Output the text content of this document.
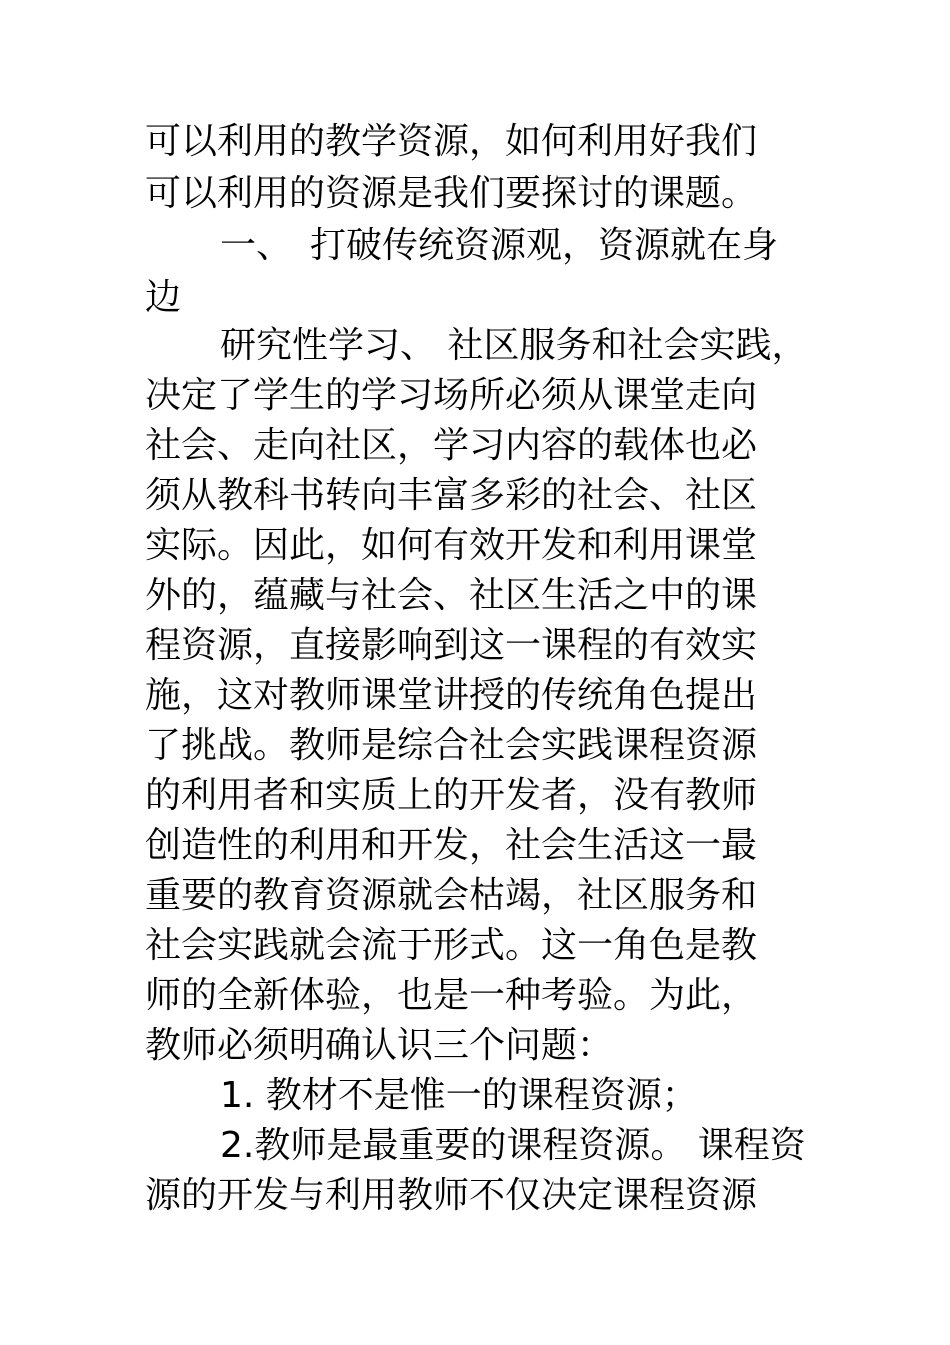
可以利用的教学资源，如何利用好我们
可以利用的资源是我们要探讨的课题。
一、　打破传统资源观，资源就在身
边
研究性学习、 社区服务和社会实践，
决定了学生的学习场所必须从课堂走向
社会、走向社区，学习内容的载体也必
须从教科书转向丰富多彩的社会、社区
实际。因此，如何有效开发和利用课堂
外的，蕴藏与社会、社区生活之中的课
程资源，直接影响到这一课程的有效实
施，这对教师课堂讲授的传统角色提出
了挑战。教师是综合社会实践课程资源
的利用者和实质上的开发者，没有教师
创造性的利用和开发，社会生活这一最
重要的教育资源就会枯竭，社区服务和
社会实践就会流于形式。这一角色是教
师的全新体验，也是一种考验。为此，
教师必须明确认识三个问题：
1. 教材不是惟一的课程资源；
2.教师是最重要的课程资源。 课程资
源的开发与利用教师不仅决定课程资源
